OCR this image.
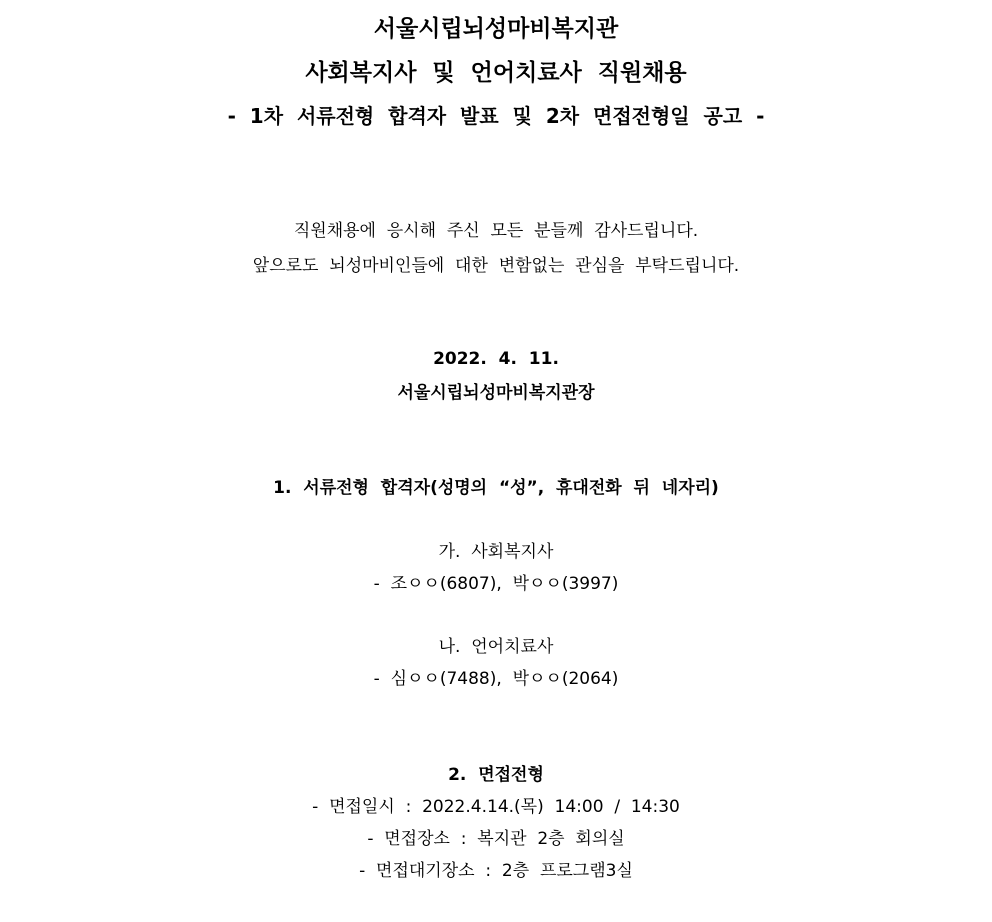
서울시립뇌성마비복지관
사회복지사  및  언어치료사  직원채용
-  1차  서류전형  합격자  발표  및  2차  면접전형일  공고  -
직원채용에  응시해  주신  모든  분들께  감사드립니다.
앞으로도  뇌성마비인들에  대한  변함없는  관심을  부탁드립니다.
2022.  4.  11.
서울시립뇌성마비복지관장
1.  서류전형  합격자(성명의  “성”,  휴대전화  뒤  네자리)
가.  사회복지사
-  조ㅇㅇ(6807),  박ㅇㅇ(3997)
나.  언어치료사
-  심ㅇㅇ(7488),  박ㅇㅇ(2064)
2.  면접전형
-  면접일시  :  2022.4.14.(목)  14:00  /  14:30
-  면접장소  :  복지관  2층  회의실
-  면접대기장소  :  2층  프로그램3실
